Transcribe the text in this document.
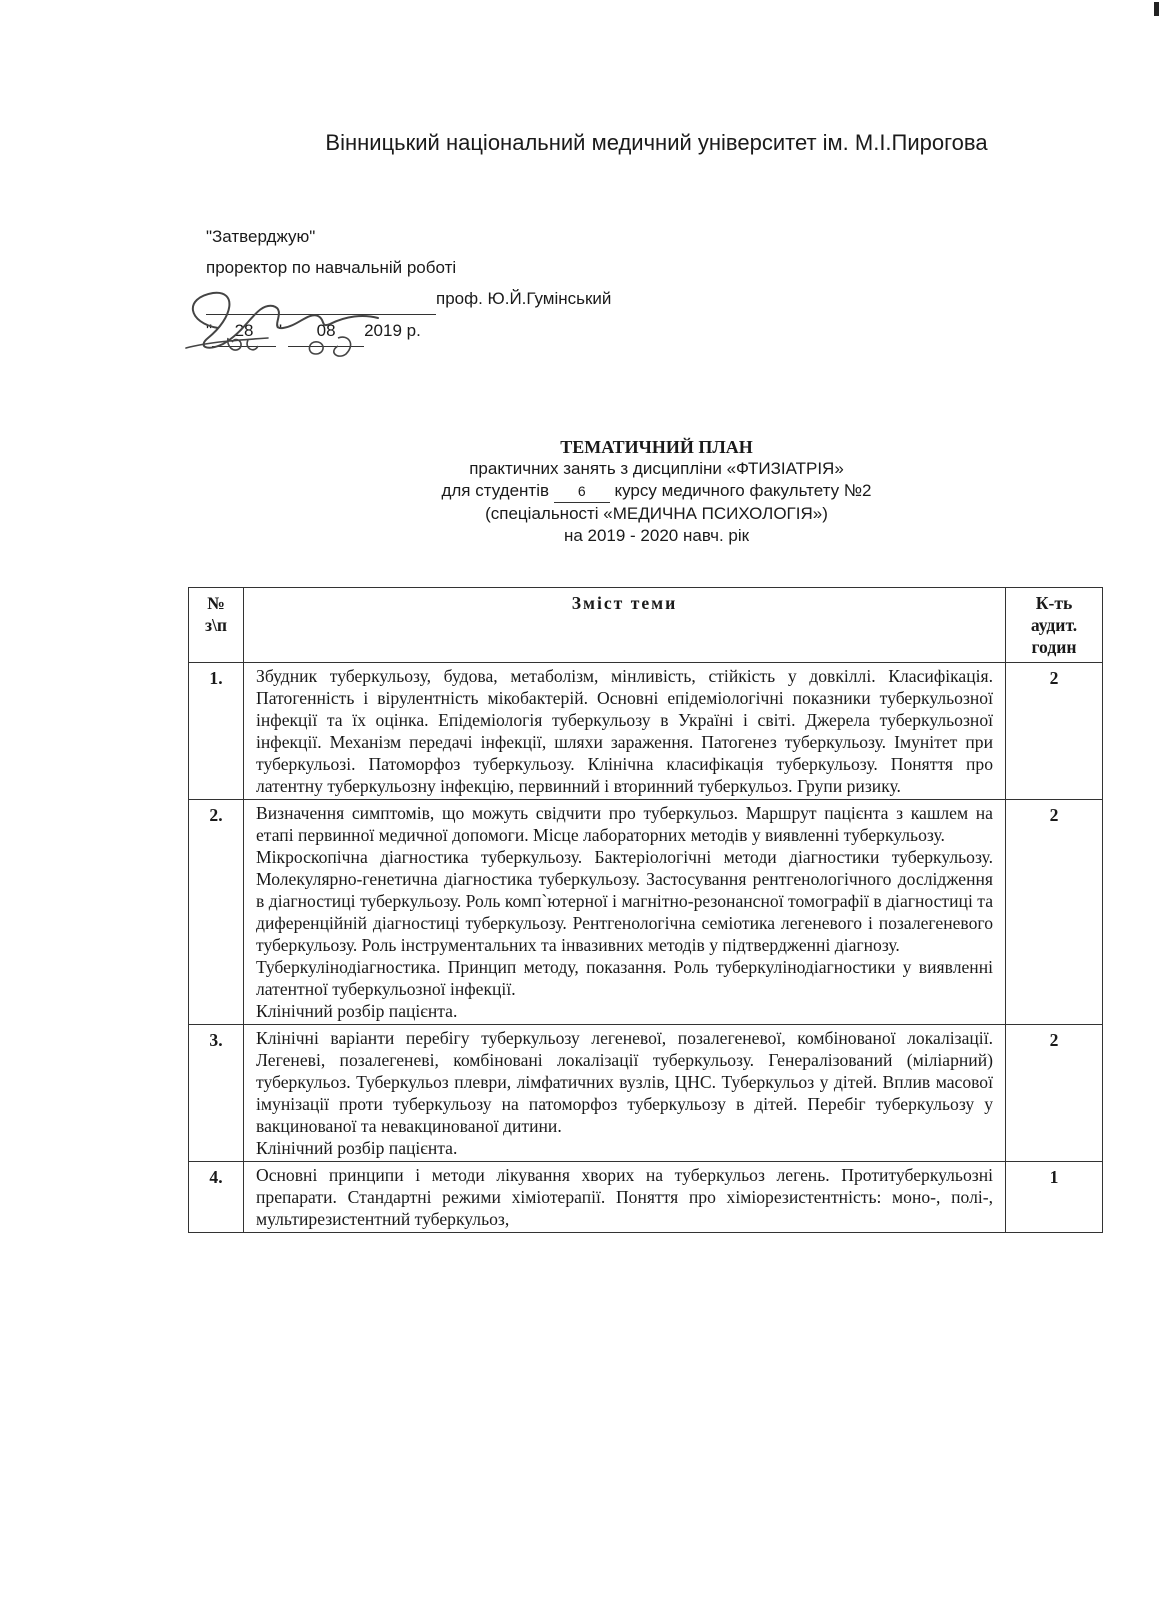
Вінницький національний медичний університет ім. М.І.Пирогова
"Затверджую"
проректор по навчальній роботі
проф. Ю.Й.Гумінський
" 28 " 08 2019 р.
ТЕМАТИЧНИЙ ПЛАН
практичних занять з дисципліни «ФТИЗІАТРІЯ»
для студентів 6 курсу медичного факультету №2
(спеціальності «МЕДИЧНА ПСИХОЛОГІЯ»)
на 2019 - 2020 навч. рік
№ з\п	Зміст теми	К-ть аудит. годин
1.	Збудник туберкульозу, будова, метаболізм, мінливість, стійкість у довкіллі. Класифікація. Патогенність і вірулентність мікобактерій. Основні епідеміологічні показники туберкульозної інфекції та їх оцінка. Епідеміологія туберкульозу в Україні і світі. Джерела туберкульозної інфекції. Механізм передачі інфекції, шляхи зараження. Патогенез туберкульозу. Імунітет при туберкульозі. Патоморфоз туберкульозу. Клінічна класифікація туберкульозу. Поняття про латентну туберкульозну інфекцію, первинний і вторинний туберкульоз. Групи ризику.	2
2.	Визначення симптомів, що можуть свідчити про туберкульоз. Маршрут пацієнта з кашлем на етапі первинної медичної допомоги. Місце лабораторних методів у виявленні туберкульозу.

Мікроскопічна діагностика туберкульозу. Бактеріологічні методи діагностики туберкульозу. Молекулярно-генетична діагностика туберкульозу. Застосування рентгенологічного дослідження в діагностиці туберкульозу. Роль комп`ютерної і магнітно-резонансної томографії в діагностиці та диференційній діагностиці туберкульозу. Рентгенологічна семіотика легеневого і позалегеневого туберкульозу. Роль інструментальних та інвазивних методів у підтвердженні діагнозу.

Туберкулінодіагностика. Принцип методу, показання. Роль туберкулінодіагностики у виявленні латентної туберкульозної інфекції.

Клінічний розбір пацієнта.	2
3.	Клінічні варіанти перебігу туберкульозу легеневої, позалегеневої, комбінованої локалізації. Легеневі, позалегеневі, комбіновані локалізації туберкульозу. Генералізований (міліарний) туберкульоз. Туберкульоз плеври, лімфатичних вузлів, ЦНС. Туберкульоз у дітей. Вплив масової імунізації проти туберкульозу на патоморфоз туберкульозу в дітей. Перебіг туберкульозу у вакцинованої та невакцинованої дитини.

Клінічний розбір пацієнта.	2
4.	Основні принципи і методи лікування хворих на туберкульоз легень. Протитуберкульозні препарати. Стандартні режими хіміотерапії. Поняття про хіміорезистентність: моно-, полі-, мультирезистентний туберкульоз,	1
